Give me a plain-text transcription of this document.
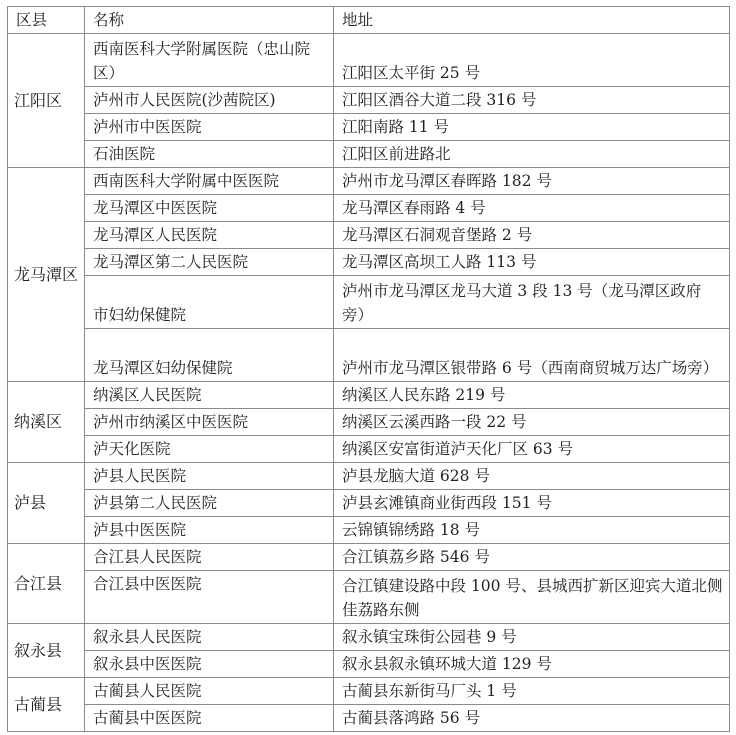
区县	名称	地址
江阳区	西南医科大学附属医院（忠山院区）	江阳区太平街 25 号
	泸州市人民医院(沙茜院区)	江阳区酒谷大道二段 316 号
	泸州市中医医院	江阳南路 11 号
	石油医院	江阳区前进路北
龙马潭区	西南医科大学附属中医医院	泸州市龙马潭区春晖路 182 号
	龙马潭区中医医院	龙马潭区春雨路 4 号
	龙马潭区人民医院	龙马潭区石洞观音堡路 2 号
	龙马潭区第二人民医院	龙马潭区高坝工人路 113 号
	市妇幼保健院	泸州市龙马潭区龙马大道 3 段 13 号（龙马潭区政府旁）
	龙马潭区妇幼保健院	泸州市龙马潭区银带路 6 号（西南商贸城万达广场旁）
纳溪区	纳溪区人民医院	纳溪区人民东路 219 号
	泸州市纳溪区中医医院	纳溪区云溪西路一段 22 号
	泸天化医院	纳溪区安富街道泸天化厂区 63 号
泸县	泸县人民医院	泸县龙脑大道 628 号
	泸县第二人民医院	泸县玄滩镇商业街西段 151 号
	泸县中医医院	云锦镇锦绣路 18 号
合江县	合江县人民医院	合江镇荔乡路 546 号
	合江县中医医院	合江镇建设路中段 100 号、县城西扩新区迎宾大道北侧佳荔路东侧
叙永县	叙永县人民医院	叙永镇宝珠街公园巷 9 号
	叙永县中医医院	叙永县叙永镇环城大道 129 号
古蔺县	古蔺县人民医院	古蔺县东新街马厂头 1 号
	古蔺县中医医院	古蔺县落鸿路 56 号
